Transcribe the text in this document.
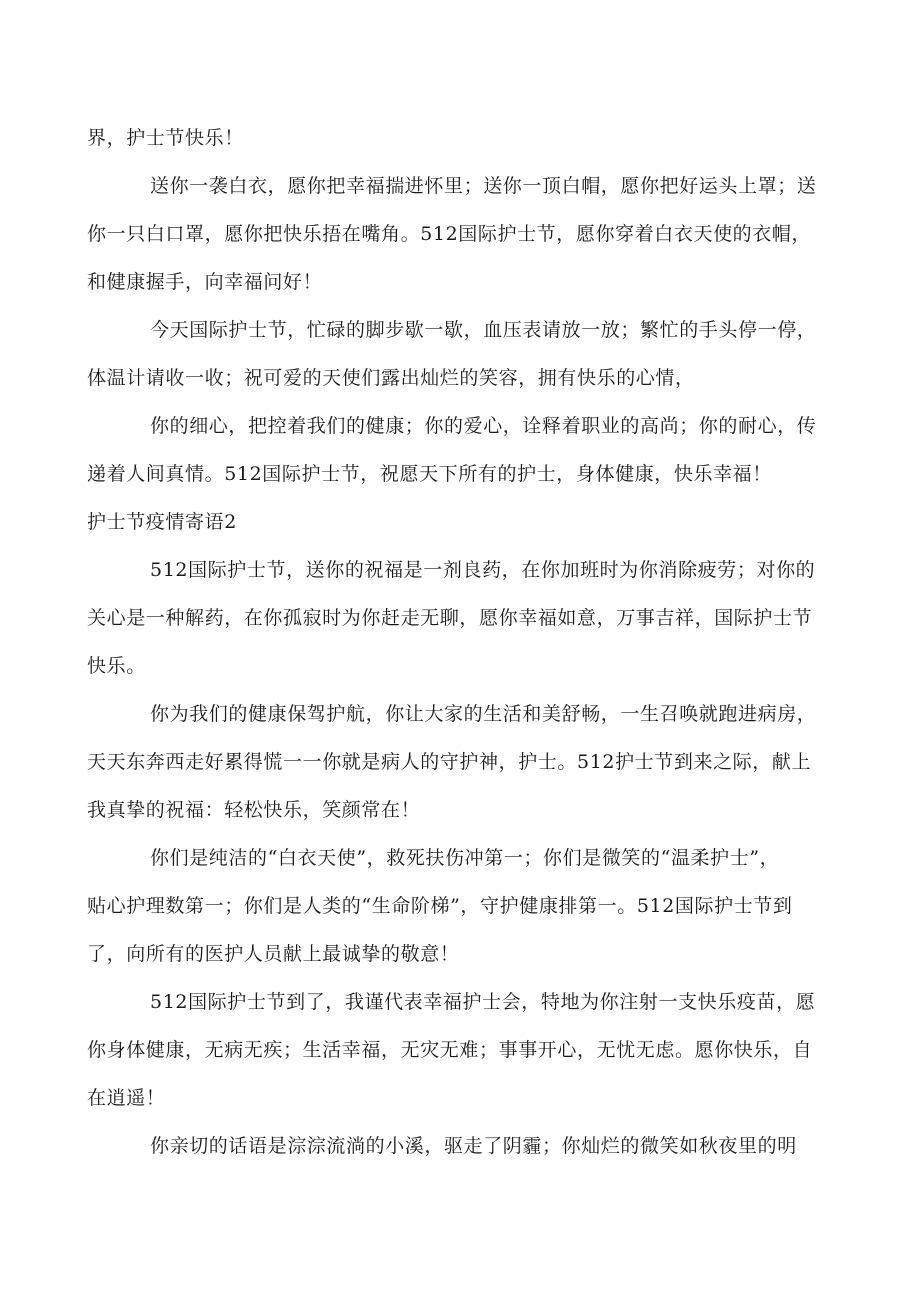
界，护士节快乐！
送你一袭白衣，愿你把幸福揣进怀里；送你一顶白帽，愿你把好运头上罩；送
你一只白口罩，愿你把快乐捂在嘴角。512国际护士节，愿你穿着白衣天使的衣帽，
和健康握手，向幸福问好！
今天国际护士节，忙碌的脚步歇一歇，血压表请放一放；繁忙的手头停一停，
体温计请收一收；祝可爱的天使们露出灿烂的笑容，拥有快乐的心情，
你的细心，把控着我们的健康；你的爱心，诠释着职业的高尚；你的耐心，传
递着人间真情。512国际护士节，祝愿天下所有的护士，身体健康，快乐幸福！
护士节疫情寄语2
512国际护士节，送你的祝福是一剂良药，在你加班时为你消除疲劳；对你的
关心是一种解药，在你孤寂时为你赶走无聊，愿你幸福如意，万事吉祥，国际护士节
快乐。
你为我们的健康保驾护航，你让大家的生活和美舒畅，一生召唤就跑进病房，
天天东奔西走好累得慌一一你就是病人的守护神，护士。512护士节到来之际，献上
我真挚的祝福：轻松快乐，笑颜常在！
你们是纯洁的“白衣天使”，救死扶伤冲第一；你们是微笑的“温柔护士”，
贴心护理数第一；你们是人类的“生命阶梯”，守护健康排第一。512国际护士节到
了，向所有的医护人员献上最诚挚的敬意！
512国际护士节到了，我谨代表幸福护士会，特地为你注射一支快乐疫苗，愿
你身体健康，无病无疾；生活幸福，无灾无难；事事开心，无忧无虑。愿你快乐，自
在逍遥！
你亲切的话语是淙淙流淌的小溪，驱走了阴霾；你灿烂的微笑如秋夜里的明
